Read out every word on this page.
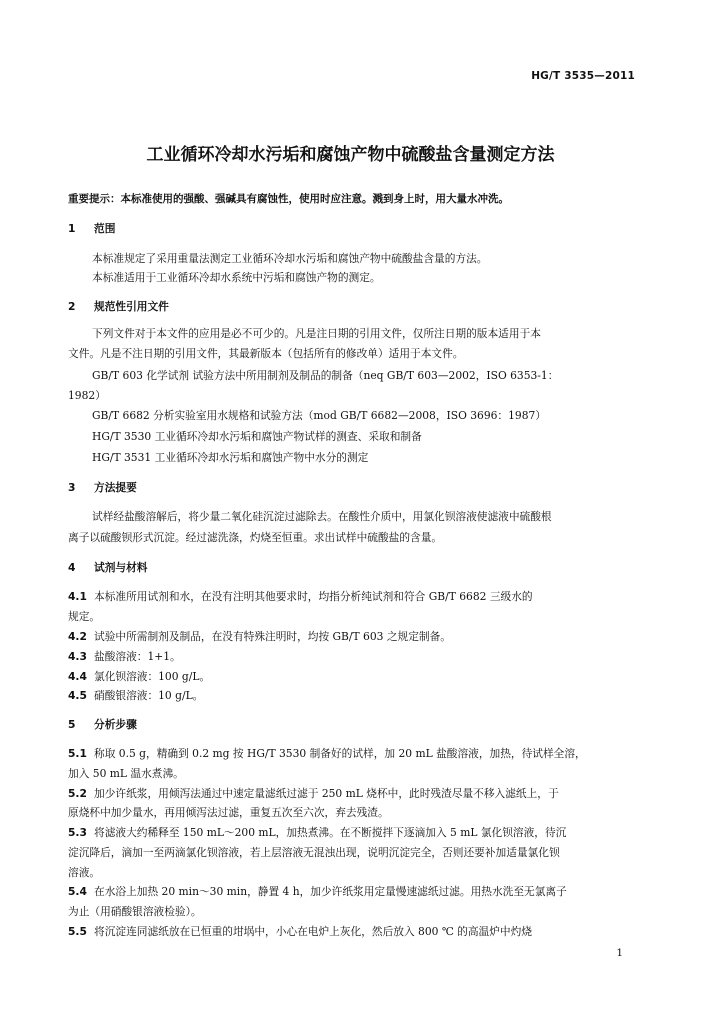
HG/T 3535—2011
工业循环冷却水污垢和腐蚀产物中硫酸盐含量测定方法
重要提示：本标准使用的强酸、强碱具有腐蚀性，使用时应注意。溅到身上时，用大量水冲洗。
1 范围
本标准规定了采用重量法测定工业循环冷却水污垢和腐蚀产物中硫酸盐含量的方法。
本标准适用于工业循环冷却水系统中污垢和腐蚀产物的测定。
2 规范性引用文件
下列文件对于本文件的应用是必不可少的。凡是注日期的引用文件，仅所注日期的版本适用于本
文件。凡是不注日期的引用文件，其最新版本（包括所有的修改单）适用于本文件。
GB/T 603 化学试剂 试验方法中所用制剂及制品的制备（neq GB/T 603—2002，ISO 6353-1：
1982）
GB/T 6682 分析实验室用水规格和试验方法（mod GB/T 6682—2008，ISO 3696：1987）
HG/T 3530 工业循环冷却水污垢和腐蚀产物试样的测查、采取和制备
HG/T 3531 工业循环冷却水污垢和腐蚀产物中水分的测定
3 方法提要
试样经盐酸溶解后，将少量二氧化硅沉淀过滤除去。在酸性介质中，用氯化钡溶液使滤液中硫酸根
离子以硫酸钡形式沉淀。经过滤洗涤，灼烧至恒重。求出试样中硫酸盐的含量。
4 试剂与材料
4.1 本标准所用试剂和水，在没有注明其他要求时，均指分析纯试剂和符合 GB/T 6682 三级水的
规定。
4.2 试验中所需制剂及制品，在没有特殊注明时，均按 GB/T 603 之规定制备。
4.3 盐酸溶液：1+1。
4.4 氯化钡溶液：100 g/L。
4.5 硝酸银溶液：10 g/L。
5 分析步骤
5.1 称取 0.5 g，精确到 0.2 mg 按 HG/T 3530 制备好的试样，加 20 mL 盐酸溶液，加热，待试样全溶，
加入 50 mL 温水煮沸。
5.2 加少许纸浆，用倾泻法通过中速定量滤纸过滤于 250 mL 烧杯中，此时残渣尽量不移入滤纸上，于
原烧杯中加少量水，再用倾泻法过滤，重复五次至六次，弃去残渣。
5.3 将滤液大约稀释至 150 mL～200 mL，加热煮沸。在不断搅拌下逐滴加入 5 mL 氯化钡溶液，待沉
淀沉降后，滴加一至两滴氯化钡溶液，若上层溶液无混浊出现，说明沉淀完全，否则还要补加适量氯化钡
溶液。
5.4 在水浴上加热 20 min～30 min，静置 4 h，加少许纸浆用定量慢速滤纸过滤。用热水洗至无氯离子
为止（用硝酸银溶液检验）。
5.5 将沉淀连同滤纸放在已恒重的坩埚中，小心在电炉上灰化，然后放入 800 ℃ 的高温炉中灼烧
1
